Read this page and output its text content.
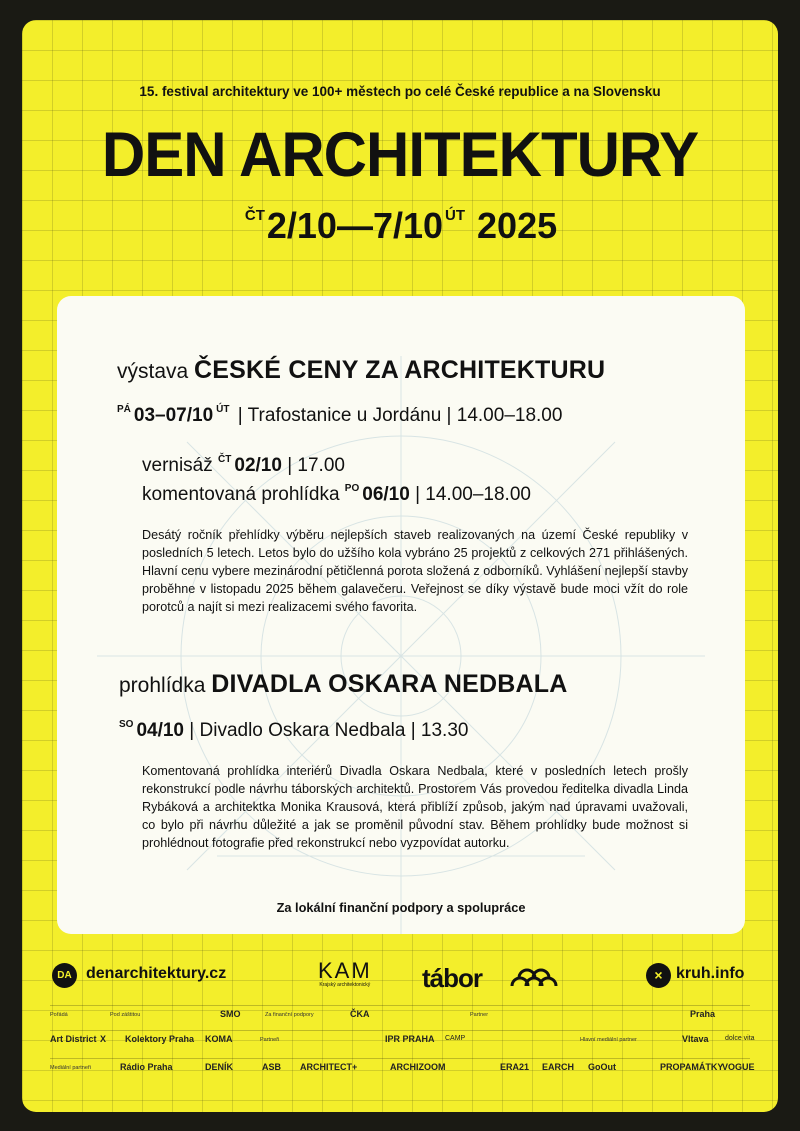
15. festival architektury ve 100+ městech po celé České republice a na Slovensku
DEN ARCHITEKTURY
$^{ČT}$2/10—7/10 $^{ÚT}$ 2025
výstava ČESKÉ CENY ZA ARCHITEKTURU
$^{PÁ}$ 03–07/10 $^{ÚT}$ | Trafostanice u Jordánu | 14.00–18.00
vernisáž $^{ČT}$ 02/10 | 17.00
komentovaná prohlídka $^{PO}$ 06/10 | 14.00–18.00
Desátý ročník přehlídky výběru nejlepších staveb realizovaných na území České republiky v posledních 5 letech. Letos bylo do užšího kola vybráno 25 projektů z celkových 271 přihlášených. Hlavní cenu vybere mezinárodní pětičlenná porota složená z odborníků. Vyhlášení nejlepší stavby proběhne v listopadu 2025 během galavečeru. Veřejnost se díky výstavě bude moci vžít do role porotců a najít si mezi realizacemi svého favorita.
prohlídka DIVADLA OSKARA NEDBALA
$^{SO}$ 04/10 | Divadlo Oskara Nedbala | 13.30
Komentovaná prohlídka interiérů Divadla Oskara Nedbala, které v posledních letech prošly rekonstrukcí podle návrhu táborských architektů. Prostorem Vás provedou ředitelka divadla Linda Rybáková a architektka Monika Krausová, která přiblíží způsob, jakým nad úpravami uvažovali, co bylo při návrhu důležité a jak se proměnil původní stav. Během prohlídky bude možnost si prohlédnout fotografie před rekonstrukcí nebo vyzpovídat autorku.
Za lokální finanční podpory a spolupráce
DA denarchitektury.cz	KAM
Krajský architektonický tábor	× kruh.info
Pořádá	Pod záštitou	SMO	Za finanční podpory	ČKA	Partner	Praha
Art District X Kolektory Praha KOMA	Partneři	IPR PRAHA CAMP	Hlavní mediální partner	Vltava dolce vita
Mediální partneři	Rádio Praha	DENÍK	ASB ARCHITECT+	ARCHIZOOM	ERA21 EARCH GoOut	PROPAMÁTKY
VOGUE
